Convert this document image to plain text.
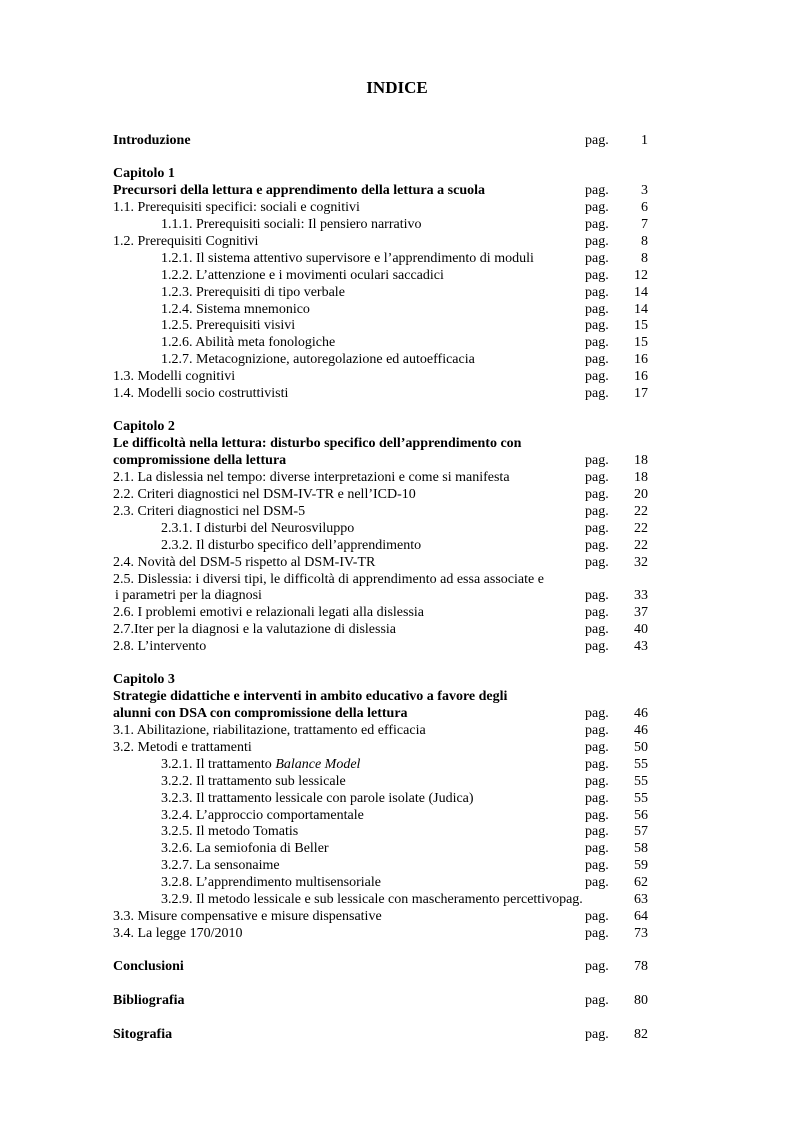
INDICE
Introduzione	pag. 1
Capitolo 1
Precursori della lettura e apprendimento della lettura a scuola	pag. 3
1.1. Prerequisiti specifici: sociali e cognitivi	pag. 6
1.1.1. Prerequisiti sociali: Il pensiero narrativo	pag. 7
1.2. Prerequisiti Cognitivi	pag. 8
1.2.1. Il sistema attentivo supervisore e l’apprendimento di moduli	pag. 8
1.2.2. L’attenzione e i movimenti oculari saccadici	pag. 12
1.2.3. Prerequisiti di tipo verbale	pag. 14
1.2.4. Sistema mnemonico	pag. 14
1.2.5. Prerequisiti visivi	pag. 15
1.2.6. Abilità meta fonologiche	pag. 15
1.2.7. Metacognizione, autoregolazione ed autoefficacia	pag. 16
1.3. Modelli cognitivi	pag. 16
1.4. Modelli socio costruttivisti	pag. 17
Capitolo 2
Le difficoltà nella lettura: disturbo specifico dell’apprendimento con
compromissione della lettura	pag. 18
2.1. La dislessia nel tempo: diverse interpretazioni e come si manifesta	pag. 18
2.2. Criteri diagnostici nel DSM-IV-TR e nell’ICD-10	pag. 20
2.3. Criteri diagnostici nel DSM-5	pag. 22
2.3.1. I disturbi del Neurosviluppo	pag. 22
2.3.2. Il disturbo specifico dell’apprendimento	pag. 22
2.4. Novità del DSM-5 rispetto al DSM-IV-TR	pag. 32
2.5. Dislessia: i diversi tipi, le difficoltà di apprendimento ad essa associate e
i parametri per la diagnosi	pag. 33
2.6. I problemi emotivi e relazionali legati alla dislessia	pag. 37
2.7.Iter per la diagnosi e la valutazione di dislessia	pag. 40
2.8. L’intervento	pag. 43
Capitolo 3
Strategie didattiche e interventi in ambito educativo a favore degli
alunni con DSA con compromissione della lettura	pag. 46
3.1. Abilitazione, riabilitazione, trattamento ed efficacia	pag. 46
3.2. Metodi e trattamenti	pag. 50
3.2.1. Il trattamento Balance Model	pag. 55
3.2.2. Il trattamento sub lessicale	pag. 55
3.2.3. Il trattamento lessicale con parole isolate (Judica)	pag. 55
3.2.4. L’approccio comportamentale	pag. 56
3.2.5. Il metodo Tomatis	pag. 57
3.2.6. La semiofonia di Beller	pag. 58
3.2.7. La sensonaime	pag. 59
3.2.8. L’apprendimento multisensoriale	pag. 62
3.2.9. Il metodo lessicale e sub lessicale con mascheramento percettivopag.	63
3.3. Misure compensative e misure dispensative	pag. 64
3.4. La legge 170/2010	pag. 73
Conclusioni	pag. 78
Bibliografia	pag. 80
Sitografia	pag. 82
